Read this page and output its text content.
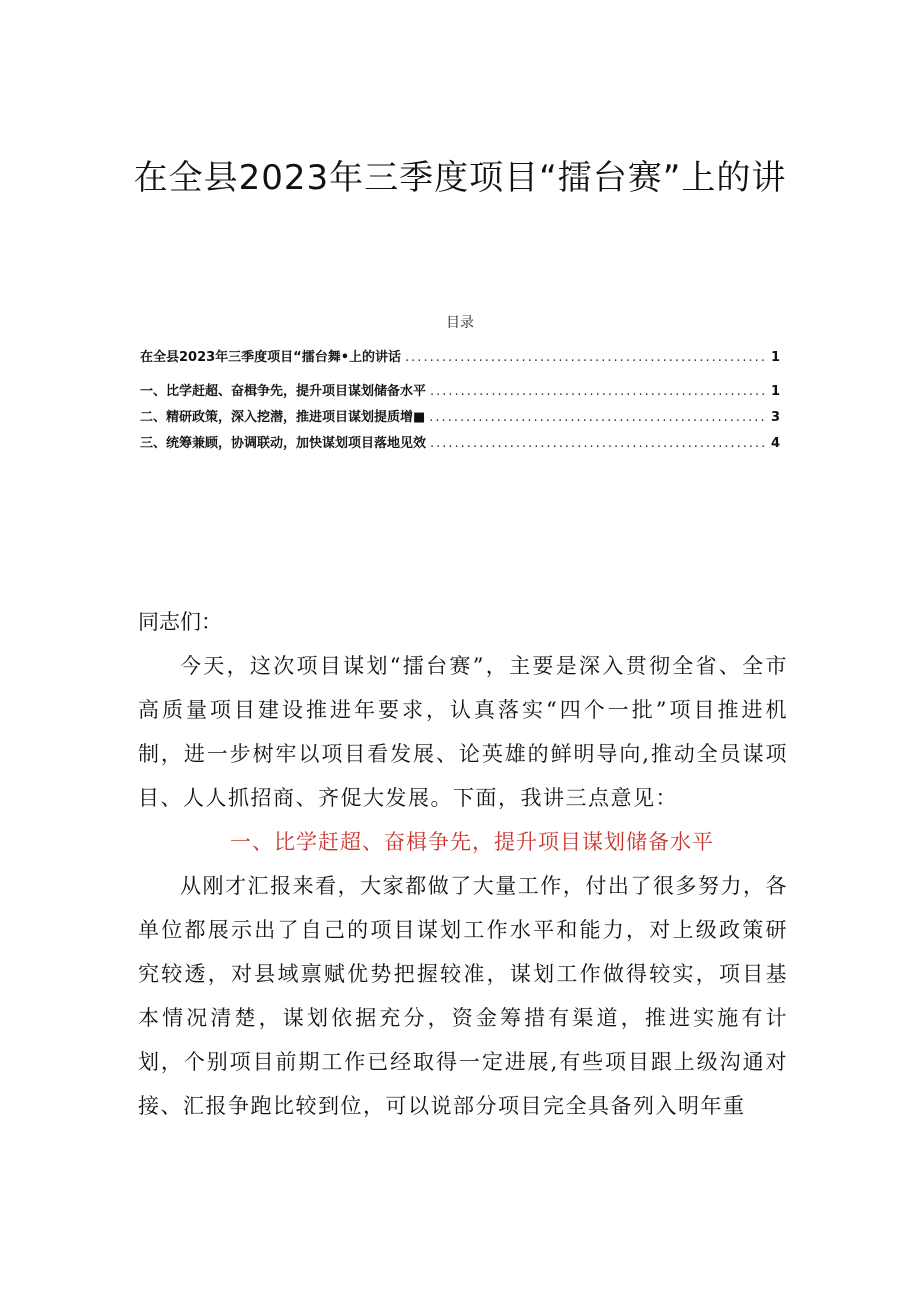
在全县2023年三季度项目“擂台赛”上的讲
目录
在全县2023年三季度项目“擂台舞•上的讲话 .....	1
一、比学赶超、奋楫争先，提升项目谋划储备水平 .....	1
二、精研政策，深入挖潜，推进项目谋划提质增■ .....	3
三、统筹兼顾，协调联动，加快谋划项目落地见效 .....	4

同志们：

今天，这次项目谋划“擂台赛”，主要是深入贯彻全省、全市高质量项目建设推进年要求，认真落实“四个一批”项目推进机制，进一步树牢以项目看发展、论英雄的鲜明导向,推动全员谋项目、人人抓招商、齐促大发展。下面，我讲三点意见：

一、比学赶超、奋楫争先，提升项目谋划储备水平

从刚才汇报来看，大家都做了大量工作，付出了很多努力，各单位都展示出了自己的项目谋划工作水平和能力，对上级政策研究较透，对县域禀赋优势把握较准，谋划工作做得较实，项目基本情况清楚，谋划依据充分，资金筹措有渠道，推进实施有计划，个别项目前期工作已经取得一定进展,有些项目跟上级沟通对接、汇报争跑比较到位，可以说部分项目完全具备列入明年重
